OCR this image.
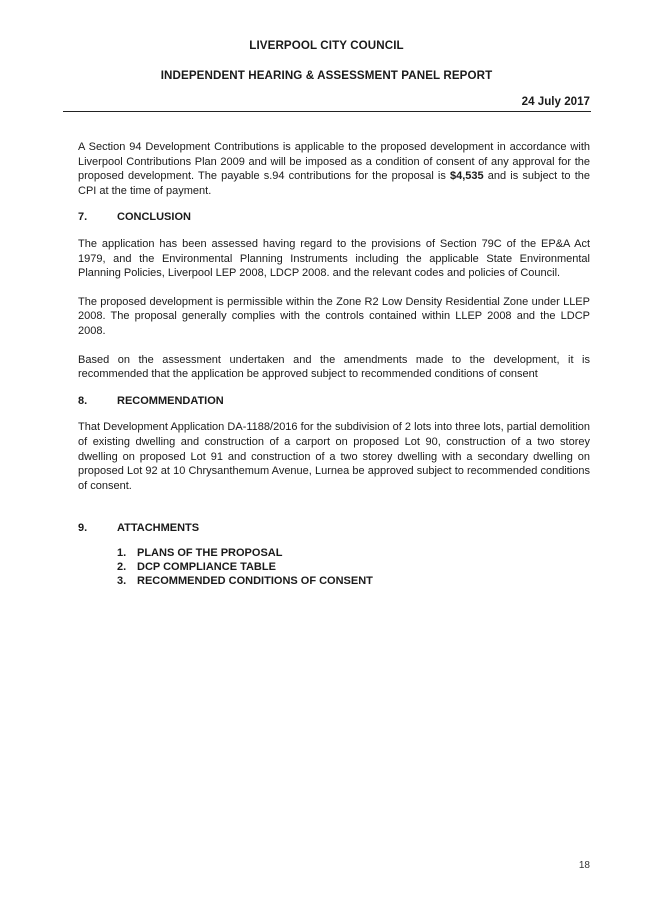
LIVERPOOL CITY COUNCIL
INDEPENDENT HEARING & ASSESSMENT PANEL REPORT
24 July 2017

A Section 94 Development Contributions is applicable to the proposed development in accordance with Liverpool Contributions Plan 2009 and will be imposed as a condition of consent of any approval for the proposed development. The payable s.94 contributions for the proposal is $4,535 and is subject to the CPI at the time of payment.

7.	CONCLUSION

The application has been assessed having regard to the provisions of Section 79C of the EP&A Act 1979, and the Environmental Planning Instruments including the applicable State Environmental Planning Policies, Liverpool LEP 2008, LDCP 2008. and the relevant codes and policies of Council.

The proposed development is permissible within the Zone R2 Low Density Residential Zone under LLEP 2008. The proposal generally complies with the controls contained within LLEP 2008 and the LDCP 2008.

Based on the assessment undertaken and the amendments made to the development, it is recommended that the application be approved subject to recommended conditions of consent

8.	RECOMMENDATION

That Development Application DA-1188/2016 for the subdivision of 2 lots into three lots, partial demolition of existing dwelling and construction of a carport on proposed Lot 90, construction of a two storey dwelling on proposed Lot 91 and construction of a two storey dwelling with a secondary dwelling on proposed Lot 92 at 10 Chrysanthemum Avenue, Lurnea be approved subject to recommended conditions of consent.

9.	ATTACHMENTS
1. PLANS OF THE PROPOSAL
2. DCP COMPLIANCE TABLE
3. RECOMMENDED CONDITIONS OF CONSENT
18
